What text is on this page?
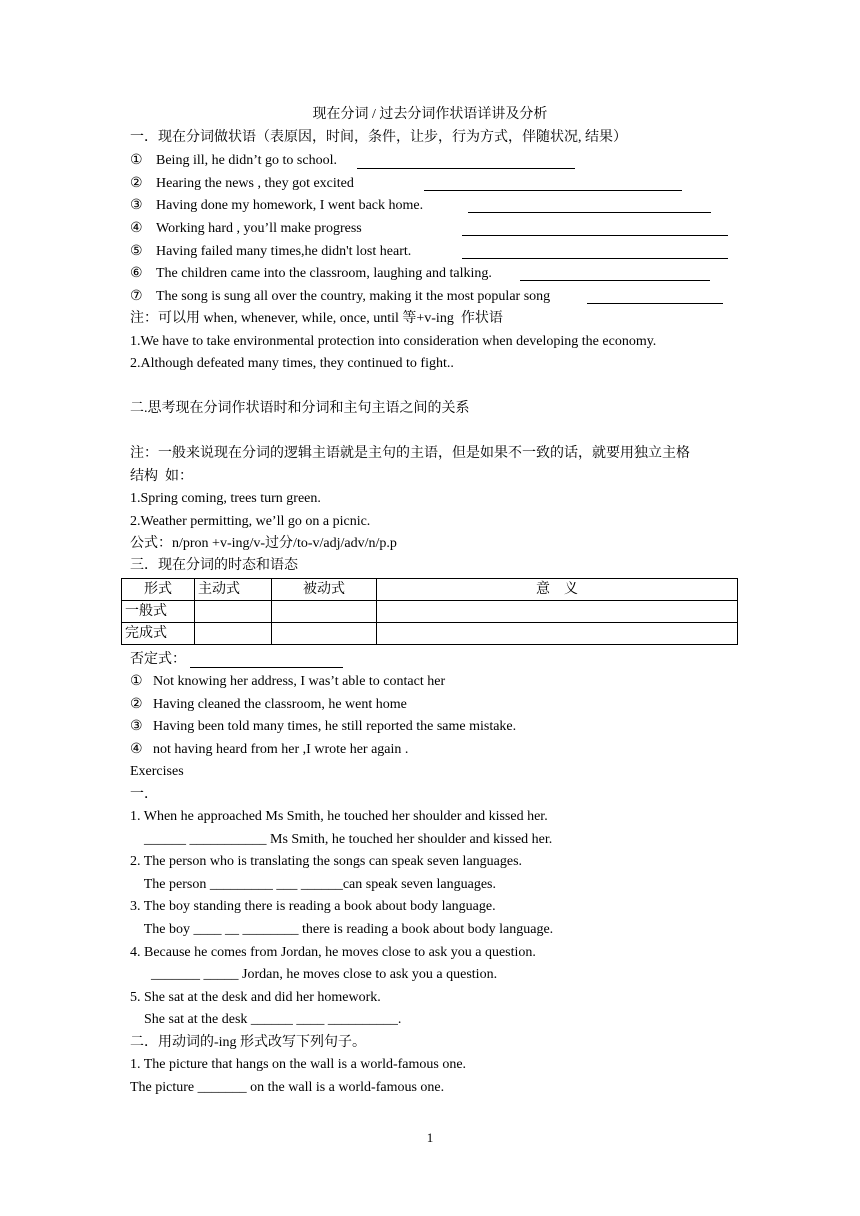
现在分词 / 过去分词作状语详讲及分析
一．现在分词做状语（表原因，时间，条件，让步，行为方式，伴随状况, 结果）
① Being ill, he didn’t go to school.
② Hearing the news , they got excited
③ Having done my homework, I went back home.
④ Working hard , you’ll make progress
⑤ Having failed many times,he didn't lost heart.
⑥ The children came into the classroom, laughing and talking.
⑦ The song is sung all over the country, making it the most popular song
注：可以用 when, whenever, while, once, until 等+v-ing  作状语
1.We have to take environmental protection into consideration when developing the economy.
2.Although defeated many times, they continued to fight..
二.思考现在分词作状语时和分词和主句主语之间的关系
注：一般来说现在分词的逻辑主语就是主句的主语，但是如果不一致的话，就要用独立主格
结构  如：
1.Spring coming, trees turn green.
2.Weather permitting, we’ll go on a picnic.
公式：n/pron +v-ing/v-过分/to-v/adj/adv/n/p.p
三．现在分词的时态和语态
形式	主动式	被动式	意    义
一般式			
完成式			
否定式：
① Not knowing her address, I was’t able to contact her
② Having cleaned the classroom, he went home
③ Having been told many times, he still reported the same mistake.
④ not having heard from her ,I wrote her again .
Exercises
一．
1. When he approached Ms Smith, he touched her shoulder and kissed her.
______ ___________ Ms Smith, he touched her shoulder and kissed her.
2. The person who is translating the songs can speak seven languages.
The person _________ ___ ______can speak seven languages.
3. The boy standing there is reading a book about body language.
The boy ____ __ ________ there is reading a book about body language.
4. Because he comes from Jordan, he moves close to ask you a question.
_______ _____ Jordan, he moves close to ask you a question.
5. She sat at the desk and did her homework.
She sat at the desk ______ ____ __________.
二．用动词的-ing 形式改写下列句子。
1. The picture that hangs on the wall is a world-famous one.
The picture _______ on the wall is a world-famous one.
1
